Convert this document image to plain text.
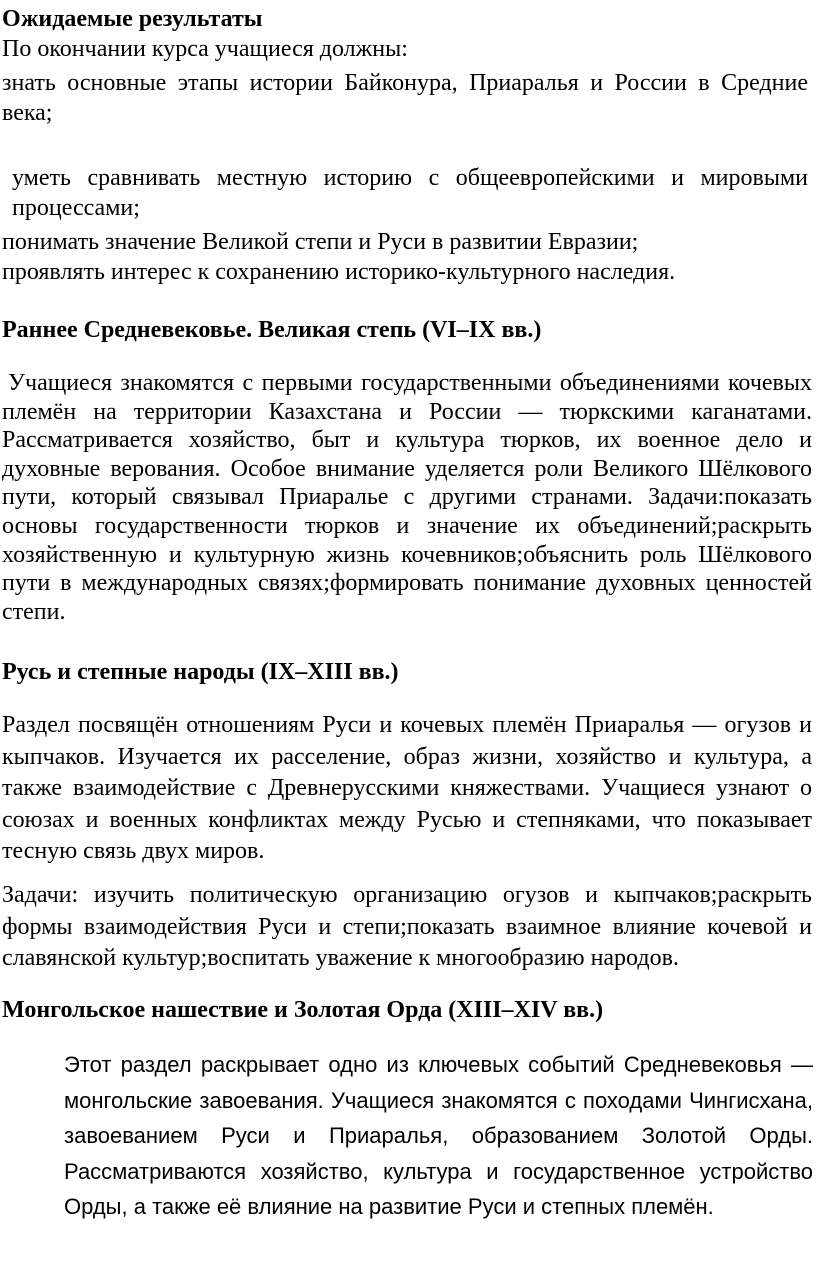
Ожидаемые результаты

По окончании курса учащиеся должны:

знать основные этапы истории Байконура, Приаралья и России в Средние века;

уметь сравнивать местную историю с общеевропейскими и мировыми процессами;

понимать значение Великой степи и Руси в развитии Евразии;

проявлять интерес к сохранению историко-культурного наследия.

Раннее Средневековье. Великая степь (VI–IX вв.)

Учащиеся знакомятся с первыми государственными объединениями кочевых племён на территории Казахстана и России — тюркскими каганатами. Рассматривается хозяйство, быт и культура тюрков, их военное дело и духовные верования. Особое внимание уделяется роли Великого Шёлкового пути, который связывал Приаралье с другими странами. Задачи:показать основы государственности тюрков и значение их объединений;раскрыть хозяйственную и культурную жизнь кочевников;объяснить роль Шёлкового пути в международных связях;формировать понимание духовных ценностей степи.

Русь и степные народы (IX–XIII вв.)

Раздел посвящён отношениям Руси и кочевых племён Приаралья — огузов и кыпчаков. Изучается их расселение, образ жизни, хозяйство и культура, а также взаимодействие с Древнерусскими княжествами. Учащиеся узнают о союзах и военных конфликтах между Русью и степняками, что показывает тесную связь двух миров.

Задачи: изучить политическую организацию огузов и кыпчаков;раскрыть формы взаимодействия Руси и степи;показать взаимное влияние кочевой и славянской культур;воспитать уважение к многообразию народов.

Монгольское нашествие и Золотая Орда (XIII–XIV вв.)

Этот раздел раскрывает одно из ключевых событий Средневековья — монгольские завоевания. Учащиеся знакомятся с походами Чингисхана, завоеванием Руси и Приаралья, образованием Золотой Орды. Рассматриваются хозяйство, культура и государственное устройство Орды, а также её влияние на развитие Руси и степных племён.
